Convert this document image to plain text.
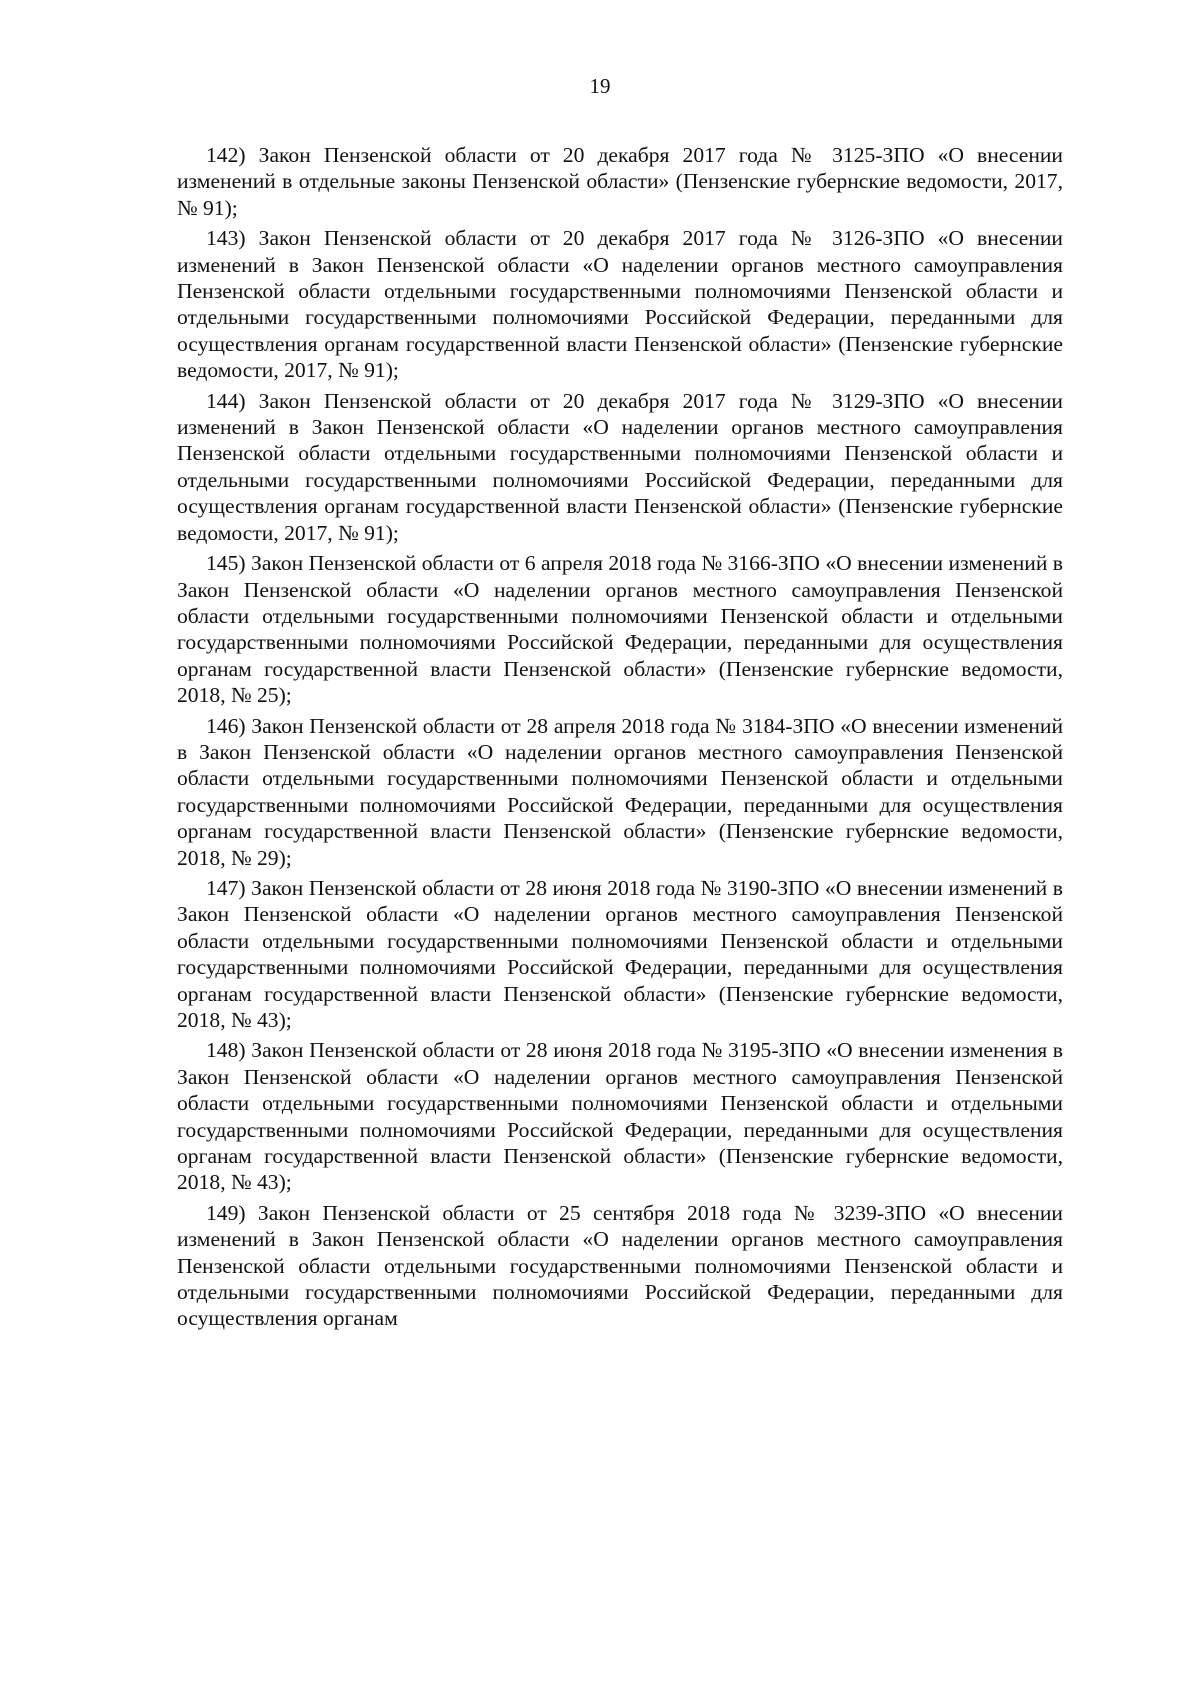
19

142) Закон Пензенской области от 20 декабря 2017 года № 3125-ЗПО «О внесении изменений в отдельные законы Пензенской области» (Пензенские губернские ведомости, 2017, № 91);

143) Закон Пензенской области от 20 декабря 2017 года № 3126-ЗПО «О внесении изменений в Закон Пензенской области «О наделении органов местного самоуправления Пензенской области отдельными государственными полномочиями Пензенской области и отдельными государственными полномочиями Российской Федерации, переданными для осуществления органам государственной власти Пензенской области» (Пензенские губернские ведомости, 2017, № 91);

144) Закон Пензенской области от 20 декабря 2017 года № 3129-ЗПО «О внесении изменений в Закон Пензенской области «О наделении органов местного самоуправления Пензенской области отдельными государственными полномочиями Пензенской области и отдельными государственными полномочиями Российской Федерации, переданными для осуществления органам государственной власти Пензенской области» (Пензенские губернские ведомости, 2017, № 91);

145) Закон Пензенской области от 6 апреля 2018 года № 3166-ЗПО «О внесении изменений в Закон Пензенской области «О наделении органов местного самоуправления Пензенской области отдельными государственными полномочиями Пензенской области и отдельными государственными полномочиями Российской Федерации, переданными для осуществления органам государственной власти Пензенской области» (Пензенские губернские ведомости, 2018, № 25);

146) Закон Пензенской области от 28 апреля 2018 года № 3184-ЗПО «О внесении изменений в Закон Пензенской области «О наделении органов местного самоуправления Пензенской области отдельными государственными полномочиями Пензенской области и отдельными государственными полномочиями Российской Федерации, переданными для осуществления органам государственной власти Пензенской области» (Пензенские губернские ведомости, 2018, № 29);

147) Закон Пензенской области от 28 июня 2018 года № 3190-ЗПО «О внесении изменений в Закон Пензенской области «О наделении органов местного самоуправления Пензенской области отдельными государственными полномочиями Пензенской области и отдельными государственными полномочиями Российской Федерации, переданными для осуществления органам государственной власти Пензенской области» (Пензенские губернские ведомости, 2018, № 43);

148) Закон Пензенской области от 28 июня 2018 года № 3195-ЗПО «О внесении изменения в Закон Пензенской области «О наделении органов местного самоуправления Пензенской области отдельными государственными полномочиями Пензенской области и отдельными государственными полномочиями Российской Федерации, переданными для осуществления органам государственной власти Пензенской области» (Пензенские губернские ведомости, 2018, № 43);

149) Закон Пензенской области от 25 сентября 2018 года № 3239-ЗПО «О внесении изменений в Закон Пензенской области «О наделении органов местного самоуправления Пензенской области отдельными государственными полномочиями Пензенской области и отдельными государственными полномочиями Российской Федерации, переданными для осуществления органам
